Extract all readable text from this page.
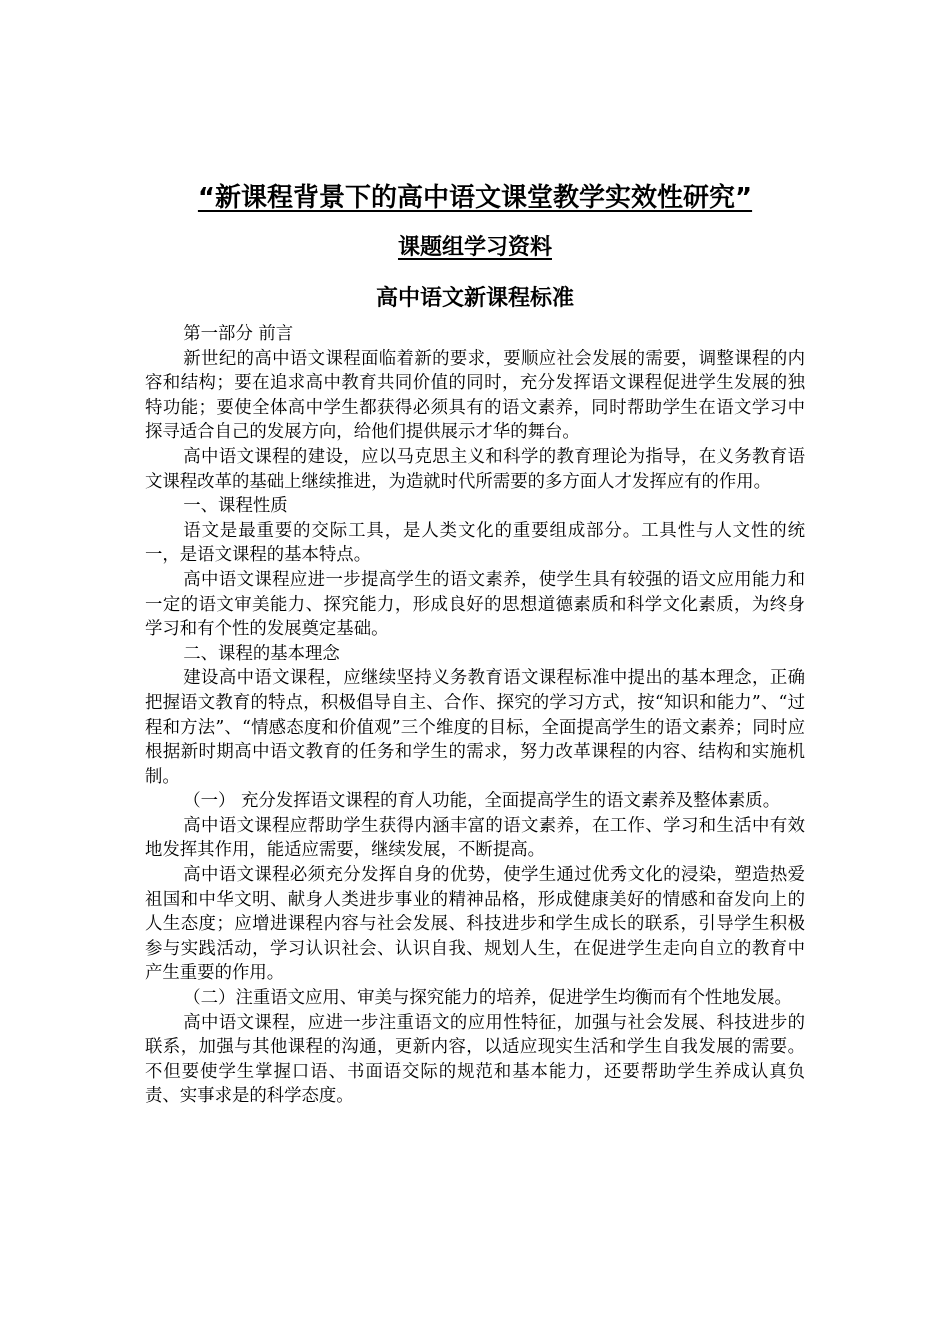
“新课程背景下的高中语文课堂教学实效性研究”
课题组学习资料
高中语文新课程标准

第一部分 前言

新世纪的高中语文课程面临着新的要求，要顺应社会发展的需要，调整课程的内容和结构；要在追求高中教育共同价值的同时，充分发挥语文课程促进学生发展的独特功能；要使全体高中学生都获得必须具有的语文素养，同时帮助学生在语文学习中探寻适合自己的发展方向，给他们提供展示才华的舞台。

高中语文课程的建设，应以马克思主义和科学的教育理论为指导，在义务教育语文课程改革的基础上继续推进，为造就时代所需要的多方面人才发挥应有的作用。

一、课程性质

语文是最重要的交际工具，是人类文化的重要组成部分。工具性与人文性的统一，是语文课程的基本特点。

高中语文课程应进一步提高学生的语文素养，使学生具有较强的语文应用能力和一定的语文审美能力、探究能力，形成良好的思想道德素质和科学文化素质，为终身学习和有个性的发展奠定基础。

二、课程的基本理念

建设高中语文课程，应继续坚持义务教育语文课程标准中提出的基本理念，正确把握语文教育的特点，积极倡导自主、合作、探究的学习方式，按“知识和能力”、“过程和方法”、“情感态度和价值观”三个维度的目标，全面提高学生的语文素养；同时应根据新时期高中语文教育的任务和学生的需求，努力改革课程的内容、结构和实施机制。

（一） 充分发挥语文课程的育人功能，全面提高学生的语文素养及整体素质。

高中语文课程应帮助学生获得内涵丰富的语文素养，在工作、学习和生活中有效地发挥其作用，能适应需要，继续发展，不断提高。

高中语文课程必须充分发挥自身的优势，使学生通过优秀文化的浸染，塑造热爱祖国和中华文明、献身人类进步事业的精神品格，形成健康美好的情感和奋发向上的人生态度；应增进课程内容与社会发展、科技进步和学生成长的联系，引导学生积极参与实践活动，学习认识社会、认识自我、规划人生，在促进学生走向自立的教育中产生重要的作用。

（二）注重语文应用、审美与探究能力的培养，促进学生均衡而有个性地发展。

高中语文课程，应进一步注重语文的应用性特征，加强与社会发展、科技进步的联系，加强与其他课程的沟通，更新内容，以适应现实生活和学生自我发展的需要。不但要使学生掌握口语、书面语交际的规范和基本能力，还要帮助学生养成认真负责、实事求是的科学态度。
